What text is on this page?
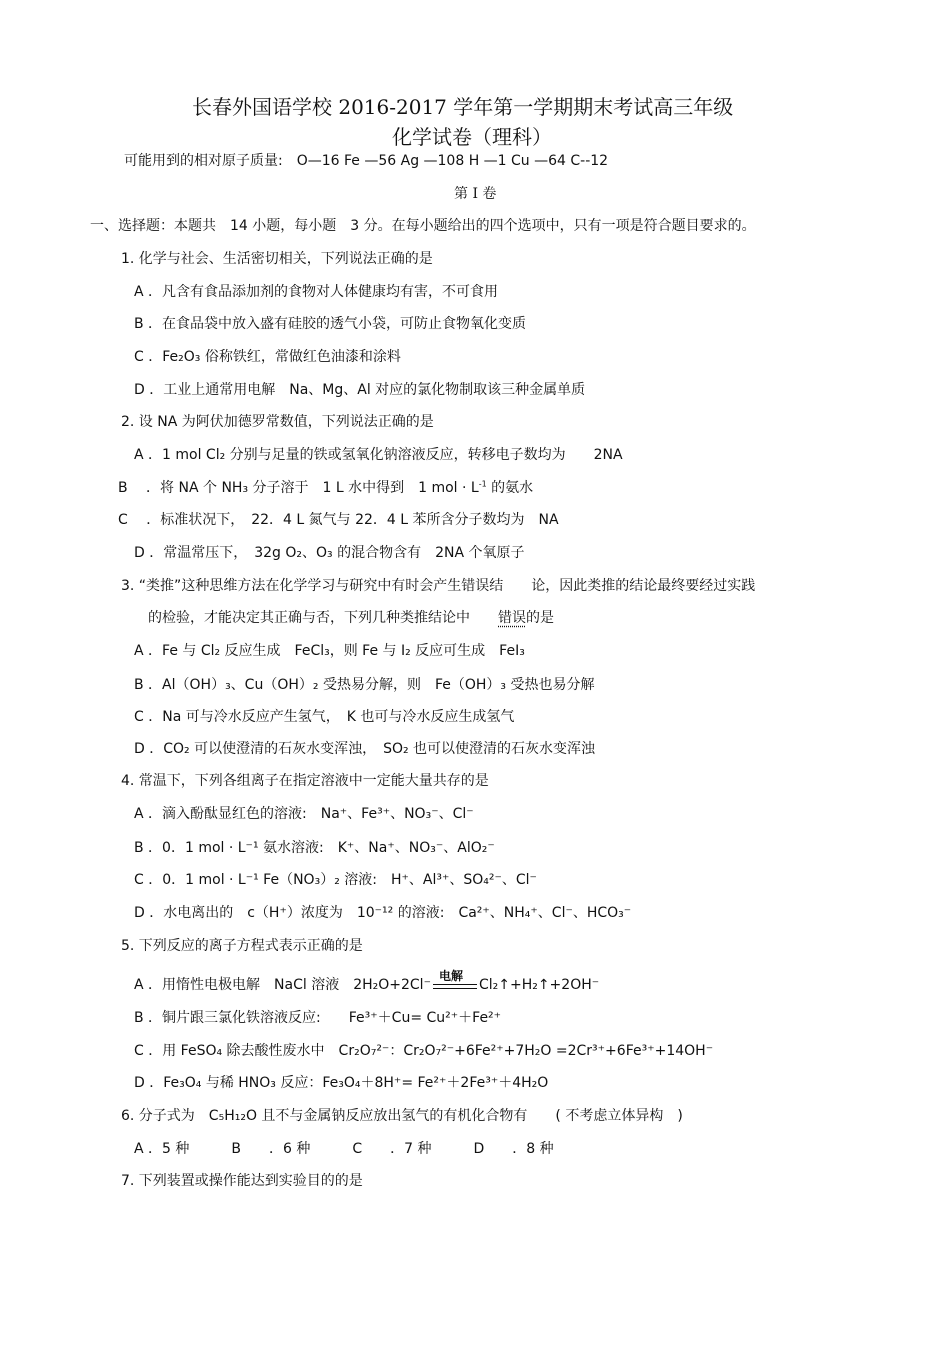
长春外国语学校 2016-2017 学年第一学期期末考试高三年级
化学试卷（理科）
可能用到的相对原子质量:　O—16 Fe —56 Ag —108 H —1 Cu —64 C--12
第 I 卷
一、选择题：本题共　14 小题，每小题　3 分。在每小题给出的四个选项中，只有一项是符合题目要求的。
1. 化学与社会、生活密切相关，下列说法正确的是
A ．凡含有食品添加剂的食物对人体健康均有害，不可食用
B ．在食品袋中放入盛有硅胶的透气小袋，可防止食物氧化变质
C ．Fe₂O₃ 俗称铁红，常做红色油漆和涂料
D ．工业上通常用电解　Na、Mg、Al 对应的氯化物制取该三种金属单质
2. 设 NA 为阿伏加德罗常数值，下列说法正确的是
A ．1 mol Cl₂ 分别与足量的铁或氢氧化钠溶液反应，转移电子数均为　　2NA
B 　．将 NA 个 NH₃ 分子溶于　1 L 水中得到　1 mol · $L^{-1}$ 的氨水
C 　．标准状况下，　22．4 L 氮气与 22．4 L 苯所含分子数均为　NA
D ．常温常压下，　32g O₂、O₃ 的混合物含有　2NA 个氧原子
3. “类推”这种思维方法在化学学习与研究中有时会产生错误结　　论，因此类推的结论最终要经过实践
的检验，才能决定其正确与否，下列几种类推结论中　　错误的是
A ．Fe 与 Cl₂ 反应生成　FeCl₃，则 Fe 与 I₂ 反应可生成　FeI₃
B ．Al（OH）₃、Cu（OH）₂ 受热易分解，则　Fe（OH）₃ 受热也易分解
C ．Na 可与冷水反应产生氢气，　K 也可与冷水反应生成氢气
D ．CO₂ 可以使澄清的石灰水变浑浊，　SO₂ 也可以使澄清的石灰水变浑浊
4. 常温下，下列各组离子在指定溶液中一定能大量共存的是
A ．滴入酚酞显红色的溶液:　Na⁺、Fe³⁺、NO₃⁻、Cl⁻
B ．0．1 mol · L⁻¹ 氨水溶液:　K⁺、Na⁺、NO₃⁻、AlO₂⁻
C ．0．1 mol · L⁻¹ Fe（NO₃）₂ 溶液:　H⁺、Al³⁺、SO₄²⁻、Cl⁻
D ．水电离出的　c（H⁺）浓度为　10⁻¹² 的溶液:　Ca²⁺、NH₄⁺、Cl⁻、HCO₃⁻
5. 下列反应的离子方程式表示正确的是
A ．用惰性电极电解　NaCl 溶液　2H₂O+2Cl⁻
电解
Cl₂↑+H₂↑+2OH⁻
B ．铜片跟三氯化铁溶液反应:　　Fe³⁺＋Cu= Cu²⁺＋Fe²⁺
C ．用 FeSO₄ 除去酸性废水中　Cr₂O₇²⁻：Cr₂O₇²⁻+6Fe²⁺+7H₂O =2Cr³⁺+6Fe³⁺+14OH⁻
D ．Fe₃O₄ 与稀 HNO₃ 反应：Fe₃O₄＋8H⁺= Fe²⁺＋2Fe³⁺＋4H₂O
6. 分子式为　C₅H₁₂O 且不与金属钠反应放出氢气的有机化合物有　　( 不考虑立体异构　)
A ．5 种　　　B　　．6 种　　　C　　．7 种　　　D　　．8 种
7. 下列装置或操作能达到实验目的的是
